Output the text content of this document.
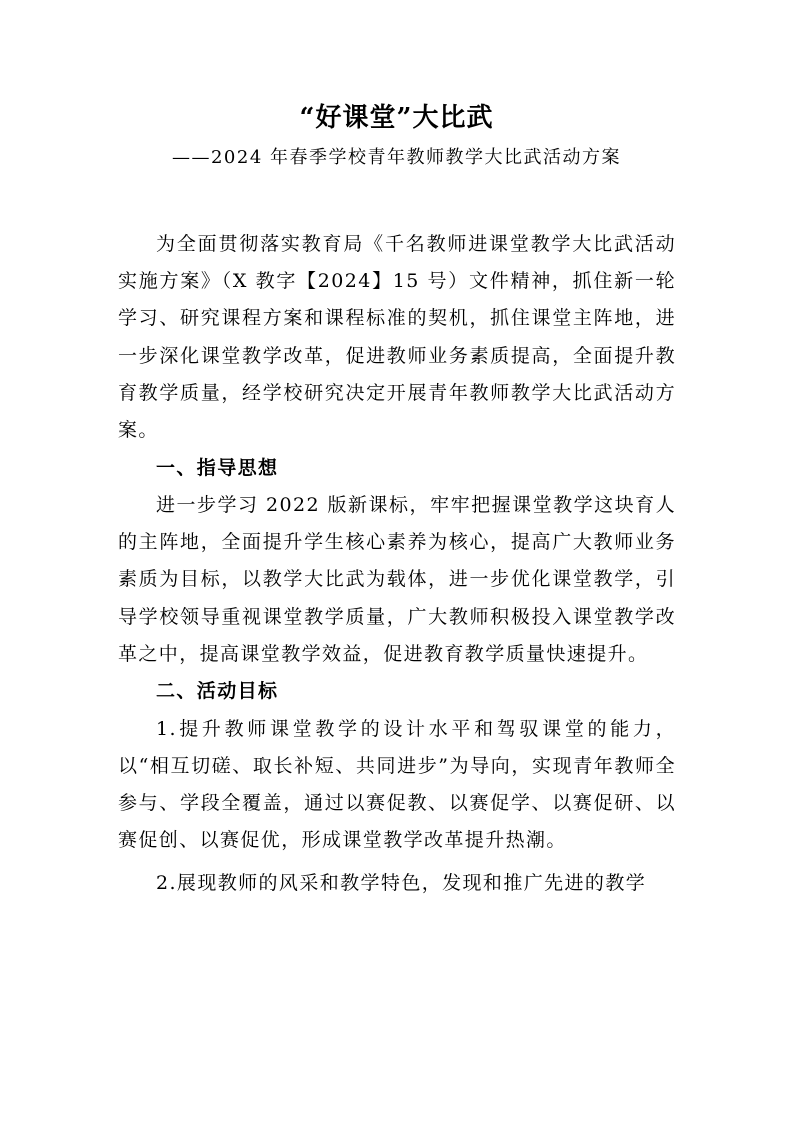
“好课堂”大比武
——2024 年春季学校青年教师教学大比武活动方案

为全面贯彻落实教育局《千名教师进课堂教学大比武活动实施方案》（X 教字【2024】15 号）文件精神，抓住新一轮学习、研究课程方案和课程标准的契机，抓住课堂主阵地，进一步深化课堂教学改革，促进教师业务素质提高，全面提升教育教学质量，经学校研究决定开展青年教师教学大比武活动方案。

一、指导思想

进一步学习 2022 版新课标，牢牢把握课堂教学这块育人的主阵地，全面提升学生核心素养为核心，提高广大教师业务素质为目标，以教学大比武为载体，进一步优化课堂教学，引导学校领导重视课堂教学质量，广大教师积极投入课堂教学改革之中，提高课堂教学效益，促进教育教学质量快速提升。

二、活动目标

1.提升教师课堂教学的设计水平和驾驭课堂的能力，以“相互切磋、取长补短、共同进步”为导向，实现青年教师全参与、学段全覆盖，通过以赛促教、以赛促学、以赛促研、以赛促创、以赛促优，形成课堂教学改革提升热潮。

2.展现教师的风采和教学特色，发现和推广先进的教学
